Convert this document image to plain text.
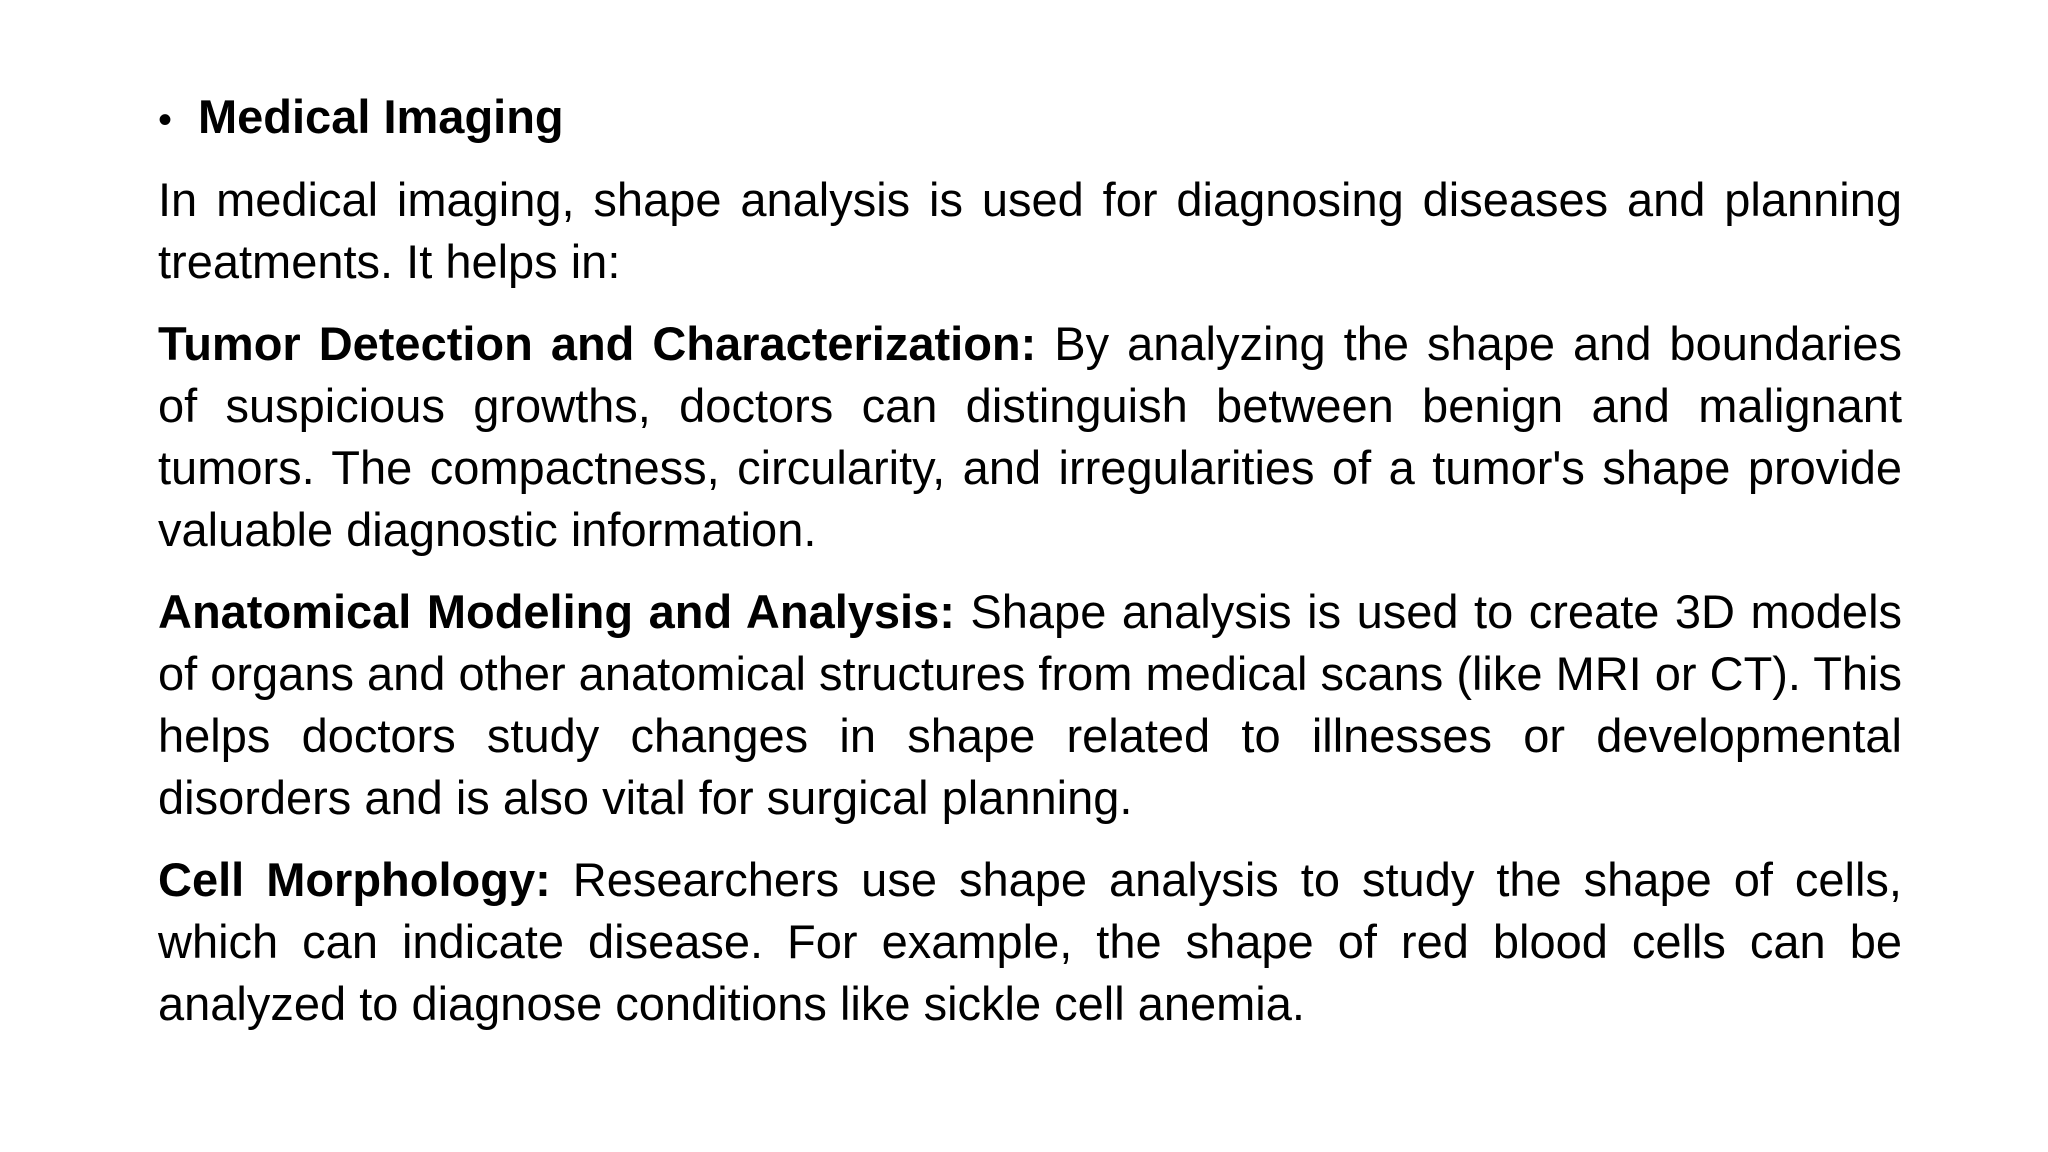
• Medical Imaging

In medical imaging, shape analysis is used for diagnosing diseases and planning treatments. It helps in:

Tumor Detection and Characterization: By analyzing the shape and boundaries of suspicious growths, doctors can distinguish between benign and malignant tumors. The compactness, circularity, and irregularities of a tumor's shape provide valuable diagnostic information.

Anatomical Modeling and Analysis: Shape analysis is used to create 3D models of organs and other anatomical structures from medical scans (like MRI or CT). This helps doctors study changes in shape related to illnesses or developmental disorders and is also vital for surgical planning.

Cell Morphology: Researchers use shape analysis to study the shape of cells, which can indicate disease. For example, the shape of red blood cells can be analyzed to diagnose conditions like sickle cell anemia.
